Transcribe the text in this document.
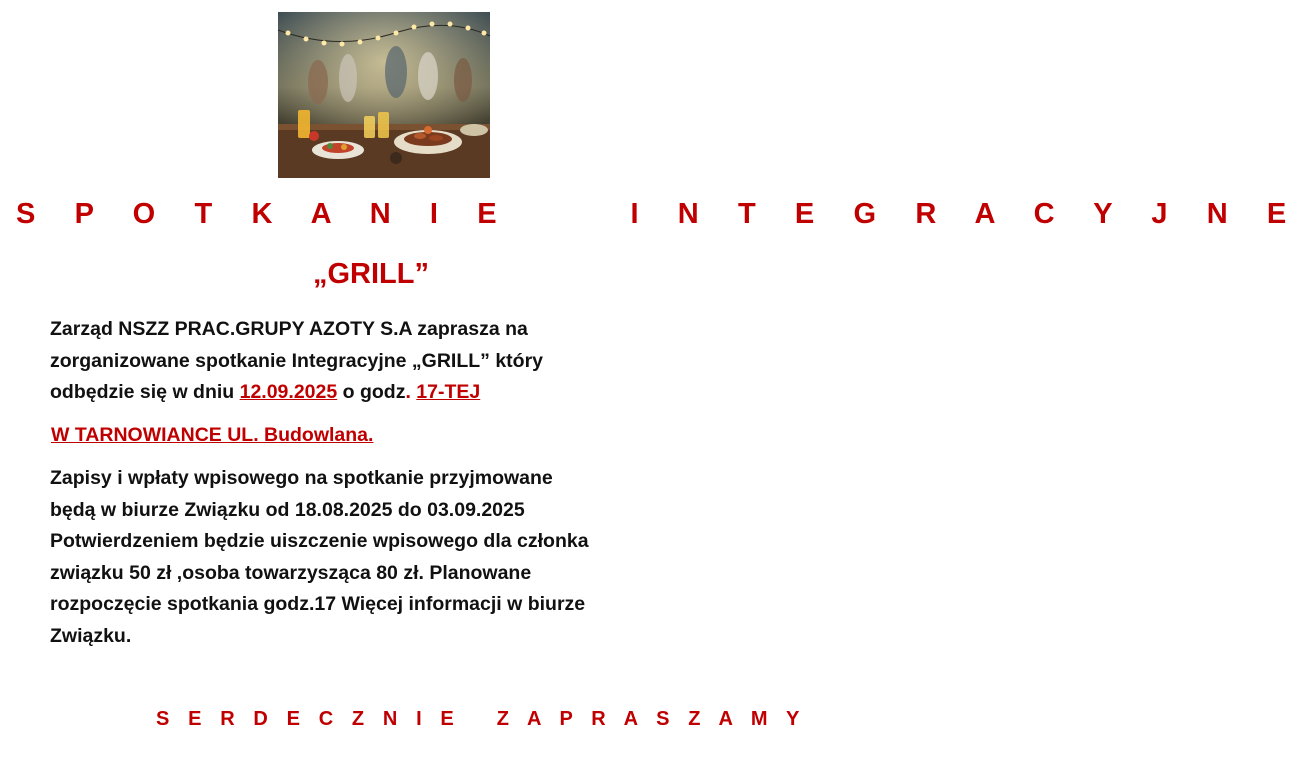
S P O T K A N I E     I N T E G R A C Y J N E
„GRILL”
Zarząd NSZZ PRAC.GRUPY AZOTY S.A zaprasza na
zorganizowane spotkanie Integracyjne „GRILL” który
odbędzie się w dniu 12.09.2025 o godz. 17-TEJ
W TARNOWIANCE UL. Budowlana.
Zapisy i wpłaty wpisowego na spotkanie przyjmowane
będą w biurze Związku od 18.08.2025 do 03.09.2025
Potwierdzeniem będzie uiszczenie wpisowego dla członka
związku 50 zł ,osoba towarzysząca 80 zł. Planowane
rozpoczęcie spotkania godz.17 Więcej informacji w biurze
Związku.
S E R D E C Z N I E   Z A P R A S Z A M Y
